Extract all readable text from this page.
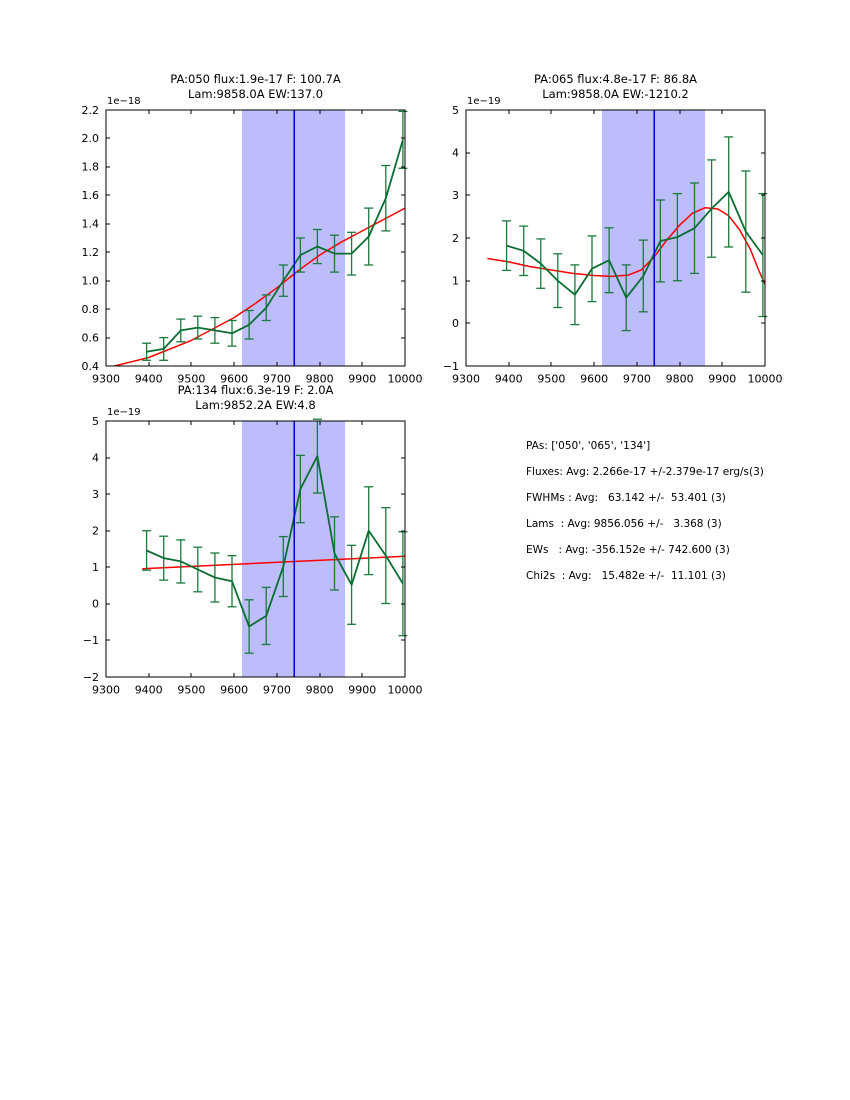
PA:050 flux:1.9e-17 F: 100.7A
Lam:9858.0A EW:137.0
1e−18
9300 9400 9500 9600 9700 9800 9900 10000
0.4
0.6
0.8
1.0
1.2
1.4
1.6
1.8
2.0
2.2
PA:065 flux:4.8e-17 F: 86.8A
Lam:9858.0A EW:-1210.2
1e−19
9300 9400 9500 9600 9700 9800 9900 10000
−1
0
1
2
3
4
5
PA:134 flux:6.3e-19 F: 2.0A
Lam:9852.2A EW:4.8
1e−19
9300 9400 9500 9600 9700 9800 9900 10000
−2
−1
0
1
2
3
4
5
PAs: ['050', '065', '134']
Fluxes: Avg: 2.266e-17 +/-2.379e-17 erg/s(3)
FWHMs : Avg:   63.142 +/-  53.401 (3)
Lams  : Avg: 9856.056 +/-   3.368 (3)
EWs   : Avg: -356.152e +/- 742.600 (3)
Chi2s  : Avg:   15.482e +/-  11.101 (3)
